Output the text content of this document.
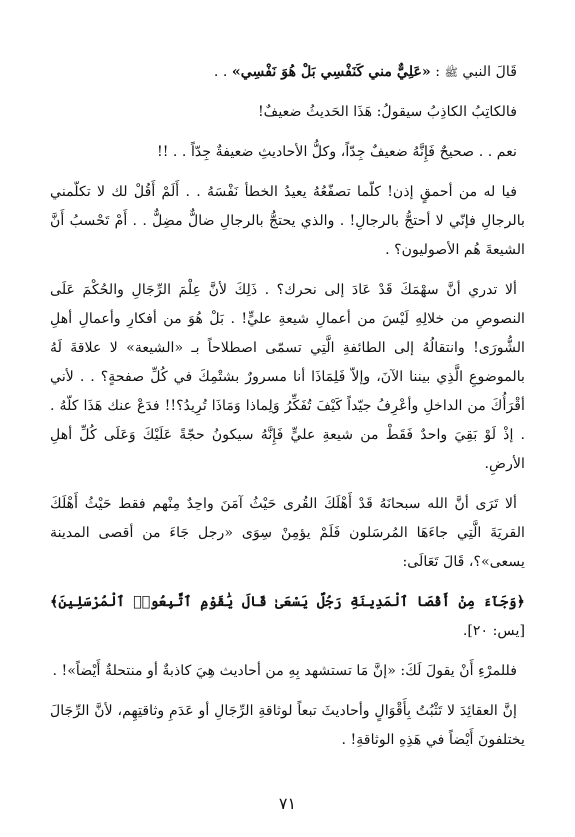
قَالَ النبي ﷺ : «عَلِيٌّ مني كَنَفْسِي بَلْ هُوَ نَفْسِي» . .

فالكاتِبُ الكاذِبُ سيقولُ: هَذَا الحَديثُ ضعيفٌ!

نعم . . صحيحٌ فَإِنَّهُ ضعيفٌ جِدّاً، وكلُّ الأحاديثِ ضعيفةٌ جِدّاً . . !!

فيا له من أحمقٍ إذن! كلّما تصفّعُهُ يعيدُ الخطأ نَفْسَهُ . . أَلَمْ أَقُلْ لك لا تكلّمني بالرجالِ فإنّي لا أحتجُّ بالرجالِ! . والذي يحتجُّ بالرجالِ ضالٌّ مضِلٌّ . . أَمْ تَحْسبُ أَنَّ الشيعةَ هُم الأصوليون؟ .

ألا تدري أنَّ سهْمَكَ قَدْ عَادَ إلى نحرك؟ . ذَلِكَ لأنَّ عِلْمَ الرِّجَالِ والحُكْمَ عَلَى النصوصِ من خلالِهِ لَيْسَ من أعمالِ شيعةِ عليٍّ! . بَلْ هُوَ من أفكارِ وأعمالِ أهلِ الشُّورَى! وانتقالُهُ إلى الطائفةِ الَّتِي تسمّى اصطلاحاً بـ «الشيعة» لا علاقةَ لَهُ بالموضوعِ الَّذِي بيننا الآنَ، وإلاّ فَلِمَاذَا أنا مسرورٌ بشتْمِكَ في كُلِّ صفحةٍ؟ . . لأني أقْرَأُكَ من الداخلِ وأعْرِفُ جيّداً كَيْفَ تُفَكِّرُ وَلِماذا وَمَاذَا تُرِيدُ؟!! فدَعْ عنك هَذَا كلّهُ . . إذْ لَوْ بَقِيَ واحدٌ فَقَطْ من شيعةِ عليٍّ فَإِنَّهُ سيكونُ حجّةً عَلَيْكَ وَعَلَى كُلِّ أهلِ الأرضِ.

ألا تَرَى أنَّ الله سبحانَهُ قَدْ أَهْلَكَ القُرى حَيْثُ آمَنَ واحِدٌ مِنْهم فقط حَيْثُ أَهْلَكَ القريَةَ الَّتِي جاءَهَا المُرسَلون فَلَمْ يؤمِنْ سِوَى «رجل جَاءَ من أقصى المدينة يسعى»؟، قَالَ تَعَالَى:

﴿وَجَآءَ مِنْ أَقْصَا ٱلْمَدِينَةِ رَجُلٌ يَسْعَىٰ قَالَ يَٰقَوْمِ ٱتَّبِعُوا۟ ٱلْمُرْسَلِينَ﴾ [يس: ٢٠].

فللمرْءِ أَنْ يقولَ لَكَ: «إنَّ مَا تستشهد بِهِ من أحاديث هِيَ كاذبةٌ أو منتحلةٌ أَيْضاً»! .

إنَّ العقائِدَ لا تَثْبُتُ بِأَقْوَالٍ وأحاديثَ تبعاً لوثاقةِ الرِّجَالِ أو عَدَمِ وثاقتِهِم، لأنَّ الرِّجَالَ يختلفونَ أَيْضاً في هَذِهِ الوثاقةِ! .

٧١
